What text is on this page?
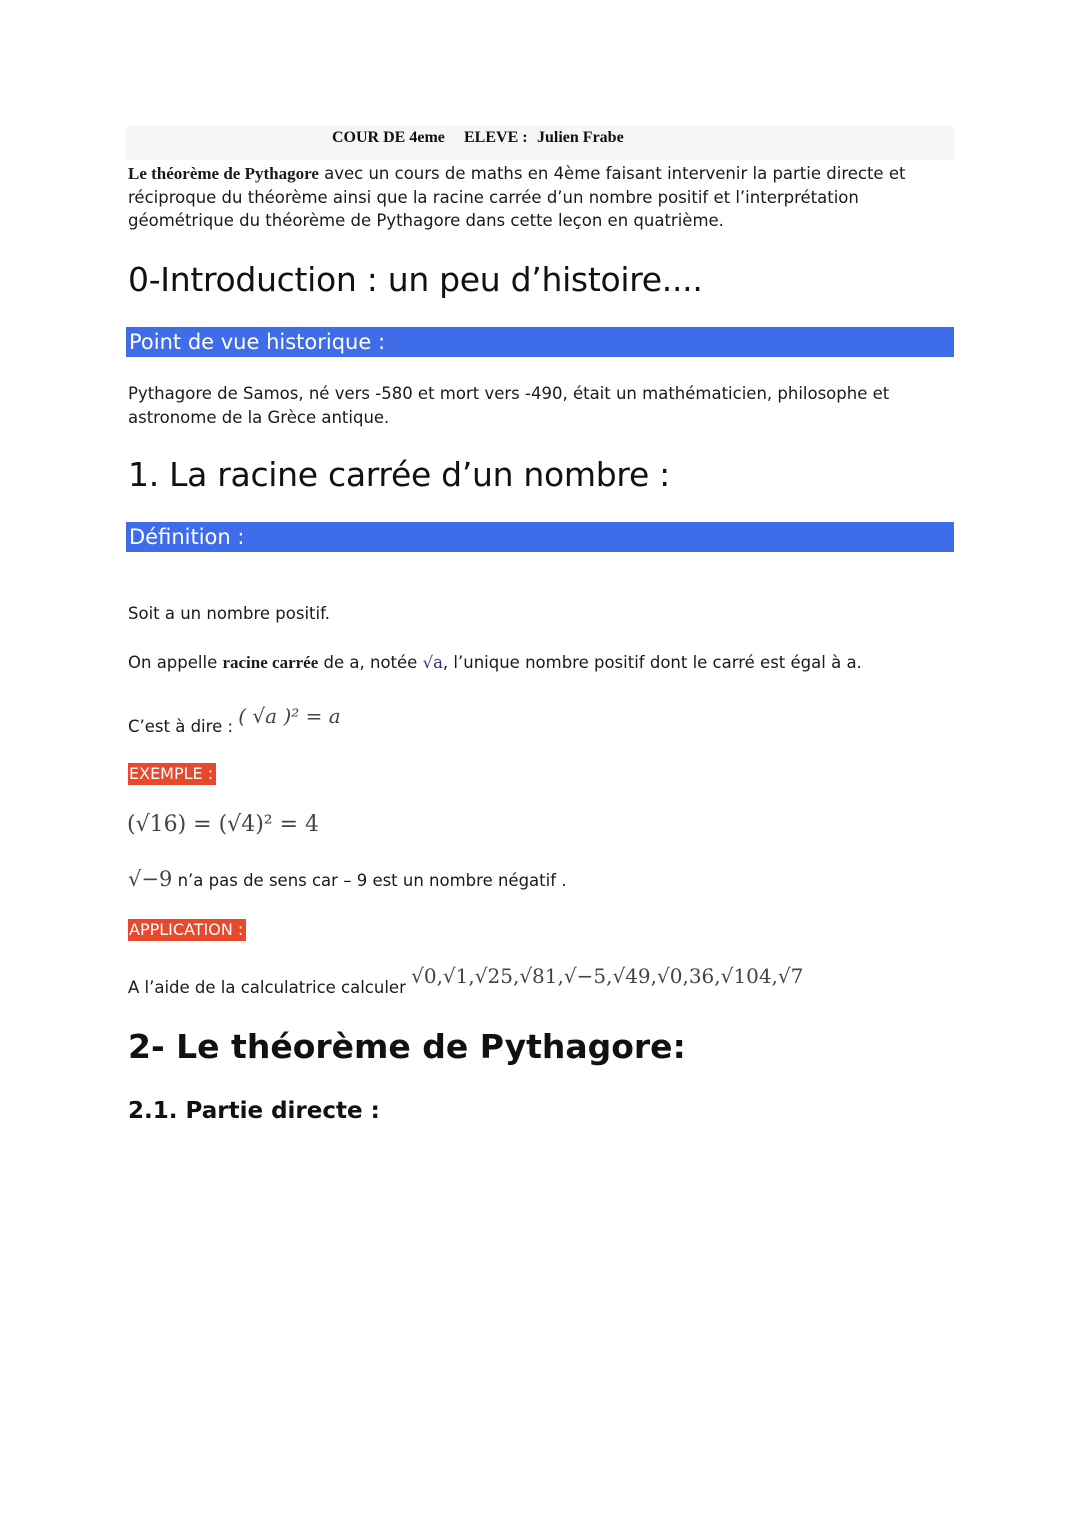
COUR DE 4eme ELEVE : Julien Frabe
Le théorème de Pythagore avec un cours de maths en 4ème faisant intervenir la partie directe et réciproque du théorème ainsi que la racine carrée d’un nombre positif et l’interprétation géométrique du théorème de Pythagore dans cette leçon en quatrième.
0-Introduction : un peu d’histoire....
Point de vue historique :
Pythagore de Samos, né vers -580 et mort vers -490, était un mathématicien, philosophe et astronome de la Grèce antique.
1. La racine carrée d’un nombre :
Définition :
Soit a un nombre positif.
On appelle racine carrée de a, notée √a, l’unique nombre positif dont le carré est égal à a.
C’est à dire : ( √a )² = a
EXEMPLE :
(√16) = (√4)² = 4
√−9 n’a pas de sens car – 9 est un nombre négatif .
APPLICATION :
A l’aide de la calculatrice calculer √0,√1,√25,√81,√−5,√49,√0,36,√104,√7
2- Le théorème de Pythagore:
2.1. Partie directe :
